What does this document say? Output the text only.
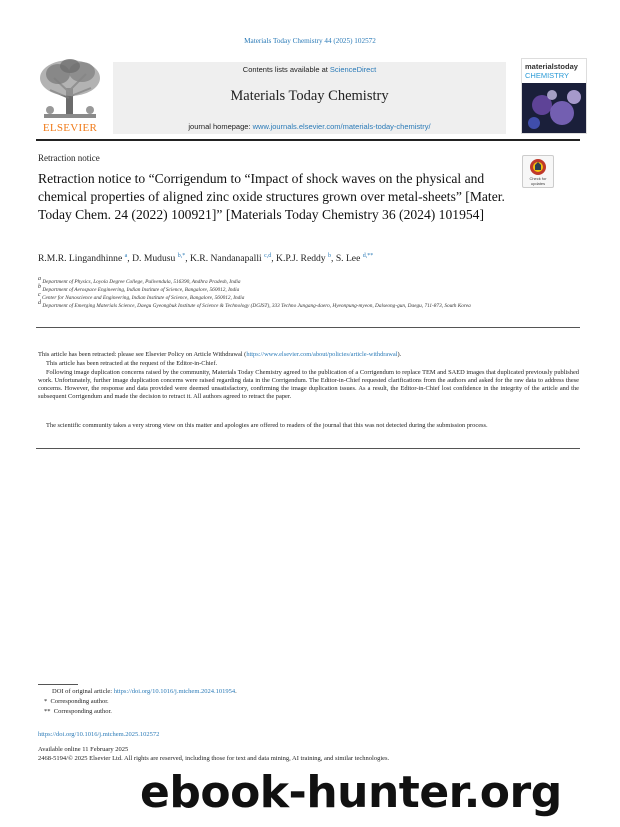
Materials Today Chemistry 44 (2025) 102572
ELSEVIER
Contents lists available at ScienceDirect
Materials Today Chemistry
journal homepage: www.journals.elsevier.com/materials-today-chemistry/
materialstoday
CHEMISTRY
Retraction notice
Check for updates
Retraction notice to “Corrigendum to “Impact of shock waves on the physical and chemical properties of aligned zinc oxide structures grown over metal-sheets” [Mater. Today Chem. 24 (2022) 100921]” [Materials Today Chemistry 36 (2024) 101954]
R.M.R. Lingandhinne $^a$, D. Mudusu $^{b,*}$, K.R. Nandanapalli $^{c,d}$, K.P.J. Reddy $^b$, S. Lee $^{d,**}$
$^a$ Department of Physics, Loyola Degree College, Pulivendula, 516390, Andhra Pradesh, India
$^b$ Department of Aerospace Engineering, Indian Institute of Science, Bangalore, 560012, India
$^c$ Center for Nanoscience and Engineering, Indian Institute of Science, Bangalore, 560012, India
$^d$ Department of Emerging Materials Science, Daegu Gyeongbuk Institute of Science & Technology (DGIST), 333 Techno Jungang-daero, Hyeonpung-myeon, Dalseong-gun, Daegu, 711-873, South Korea
This article has been retracted: please see Elsevier Policy on Article Withdrawal (https://www.elsevier.com/about/policies/article-withdrawal).
This article has been retracted at the request of the Editor-in-Chief.
Following image duplication concerns raised by the community, Materials Today Chemistry agreed to the publication of a Corrigendum to replace TEM and SAED images that duplicated previously published work. Unfortunately, further image duplication concerns were raised regarding data in the Corrigendum. The Editor-in-Chief requested clarifications from the authors and asked for the raw data to address these concerns. However, the response and data provided were deemed unsatisfactory, confirming the image duplication issues. As a result, the Editor-in-Chief lost confidence in the integrity of the article and the subsequent Corrigendum and made the decision to retract it. All authors agreed to retract the paper.
The scientific community takes a very strong view on this matter and apologies are offered to readers of the journal that this was not detected during the submission process.
DOI of original article: https://doi.org/10.1016/j.mtchem.2024.101954.
* Corresponding author.
** Corresponding author.
https://doi.org/10.1016/j.mtchem.2025.102572
Available online 11 February 2025
2468-5194/© 2025 Elsevier Ltd. All rights are reserved, including those for text and data mining, AI training, and similar technologies.
ebook-hunter.org
